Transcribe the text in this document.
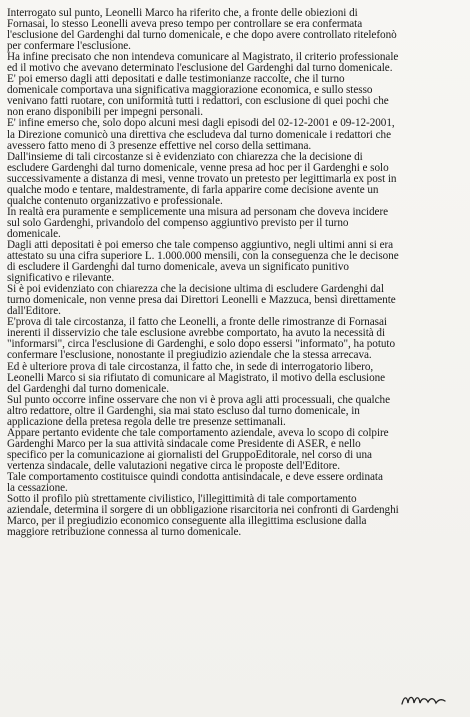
Interrogato sul punto, Leonelli Marco ha riferito che, a fronte delle obiezioni di
Fornasai, lo stesso Leonelli aveva preso tempo per controllare se era confermata
l'esclusione del Gardenghi dal turno domenicale, e che dopo avere controllato ritelefonò
per confermare l'esclusione.
Ha infine precisato che non intendeva comunicare al Magistrato, il criterio professionale
ed il motivo che avevano determinato l'esclusione del Gardenghi dal turno domenicale.
E' poi emerso dagli atti depositati e dalle testimonianze raccolte, che il turno
domenicale comportava una significativa maggiorazione economica, e sullo stesso
venivano fatti ruotare, con uniformità tutti i redattori, con esclusione di quei pochi che
non erano disponibili per impegni personali.
E' infine emerso che, solo dopo alcuni mesi dagli episodi del 02-12-2001 e 09-12-2001,
la Direzione comunicò una direttiva che escludeva dal turno domenicale i redattori che
avessero fatto meno di 3 presenze effettive nel corso della settimana.
Dall'insieme di tali circostanze si è evidenziato con chiarezza che la decisione di
escludere Gardenghi dal turno domenicale, venne presa ad hoc per il Gardenghi e solo
successivamente a distanza di mesi, venne trovato un pretesto per legittimarla ex post in
qualche modo e tentare, maldestramente, di farla apparire come decisione avente un
qualche contenuto organizzativo e professionale.
In realtà era puramente e semplicemente una misura ad personam che doveva incidere
sul solo Gardenghi, privandolo del compenso aggiuntivo previsto per il turno
domenicale.
Dagli atti depositati è poi emerso che tale compenso aggiuntivo, negli ultimi anni si era
attestato su una cifra superiore L. 1.000.000 mensili, con la conseguenza che le decisone
di escludere il Gardenghi dal turno domenicale, aveva un significato punitivo
significativo e rilevante.
Si è poi evidenziato con chiarezza che la decisione ultima di escludere Gardenghi dal
turno domenicale, non venne presa dai Direttori Leonelli e Mazzuca, bensì direttamente
dall'Editore.
E'prova di tale circostanza, il fatto che Leonelli, a fronte delle rimostranze di Fornasai
inerenti il disservizio che tale esclusione avrebbe comportato, ha avuto la necessità di
"informarsi", circa l'esclusione di Gardenghi, e solo dopo essersi "informato", ha potuto
confermare l'esclusione, nonostante il pregiudizio aziendale che la stessa arrecava.
Ed è ulteriore prova di tale circostanza, il fatto che, in sede di interrogatorio libero,
Leonelli Marco si sia rifiutato di comunicare al Magistrato, il motivo della esclusione
del Gardenghi dal turno domenicale.
Sul punto occorre infine osservare che non vi è prova agli atti processuali, che qualche
altro redattore, oltre il Gardenghi, sia mai stato escluso dal turno domenicale, in
applicazione della pretesa regola delle tre presenze settimanali.
Appare pertanto evidente che tale comportamento aziendale, aveva lo scopo di colpire
Gardenghi Marco per la sua attività sindacale come Presidente di ASER, e nello
specifico per la comunicazione ai giornalisti del GruppoEditorale, nel corso di una
vertenza sindacale, delle valutazioni negative circa le proposte dell'Editore.
Tale comportamento costituisce quindi condotta antisindacale, e deve essere ordinata
la cessazione.
Sotto il profilo più strettamente civilistico, l'illegittimità di tale comportamento
aziendale, determina il sorgere di un obbligazione risarcitoria nei confronti di Gardenghi
Marco, per il pregiudizio economico conseguente alla illegittima esclusione dalla
maggiore retribuzione connessa al turno domenicale.
